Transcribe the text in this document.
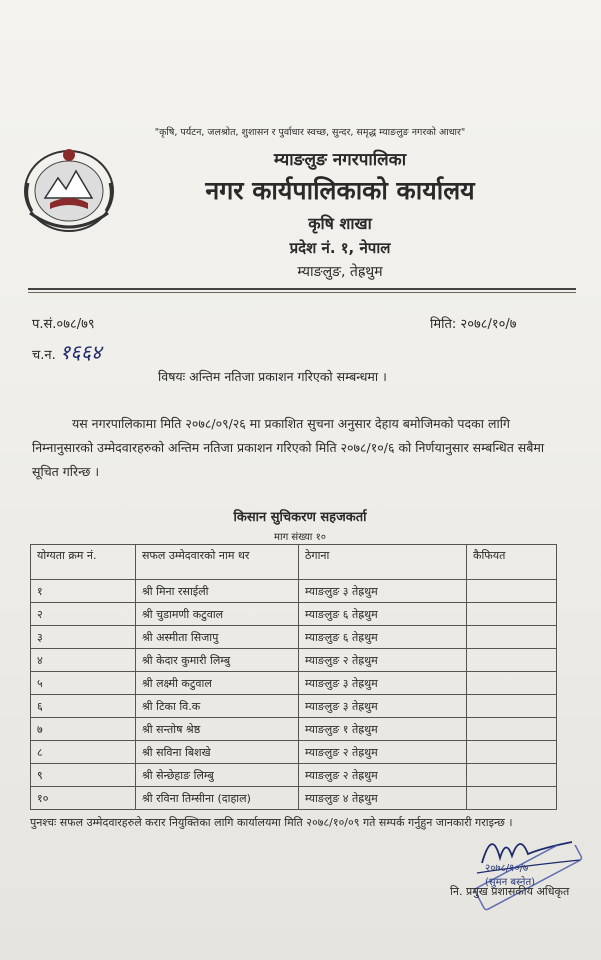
"कृषि, पर्यटन, जलश्रोत, शुशासन र पुर्वाधार स्वच्छ, सुन्दर, समृद्ध म्याङलुङ नगरको आधार"
म्याङलुङ नगरपालिका
नगर कार्यपालिकाको कार्यालय
कृषि शाखा
प्रदेश नं. १, नेपाल
म्याङलुङ, तेह्रथुम
प.सं.०७८/७९	मिति: २०७८/१०/७
च.न. १६६४
विषयः अन्तिम नतिजा प्रकाशन गरिएको सम्बन्धमा ।
यस नगरपालिकामा मिति २०७८/०९/२६ मा प्रकाशित सुचना अनुसार देहाय बमोजिमको पदका लागि निम्नानुसारको उम्मेदवारहरुको अन्तिम नतिजा प्रकाशन गरिएको मिति २०७८/१०/६ को निर्णयानुसार सम्बन्धित सबैमा सूचित गरिन्छ ।
किसान सुचिकरण सहजकर्ता
माग संख्या १०
योग्यता क्रम नं.	सफल उम्मेदवारको नाम थर	ठेगाना	कैफियत
१	श्री मिना रसाईली	म्याङलुङ ३ तेह्रथुम	
२	श्री चुडामणी कटुवाल	म्याङलुङ ६ तेह्रथुम	
३	श्री अस्मीता सिजापु	म्याङलुङ ६ तेह्रथुम	
४	श्री केदार कुमारी लिम्बु	म्याङलुङ २ तेह्रथुम	
५	श्री लक्ष्मी कटुवाल	म्याङलुङ ३ तेह्रथुम	
६	श्री टिका वि.क	म्याङलुङ ३ तेह्रथुम	
७	श्री सन्तोष श्रेष्ठ	म्याङलुङ १ तेह्रथुम	
८	श्री सविना बिशखे	म्याङलुङ २ तेह्रथुम	
९	श्री सेन्छेहाङ लिम्बु	म्याङलुङ २ तेह्रथुम	
१०	श्री रविना तिम्सीना (दाहाल)	म्याङलुङ ४ तेह्रथुम	
पुनश्चः सफल उम्मेदवारहरुले करार नियुक्तिका लागि कार्यालयमा मिति २०७८/१०/०९ गते सम्पर्क गर्नुहुन जानकारी गराइन्छ ।
२०७८/१०/७
(सुमन बस्नेत)
नि. प्रमुख प्रशासकीय अधिकृत
